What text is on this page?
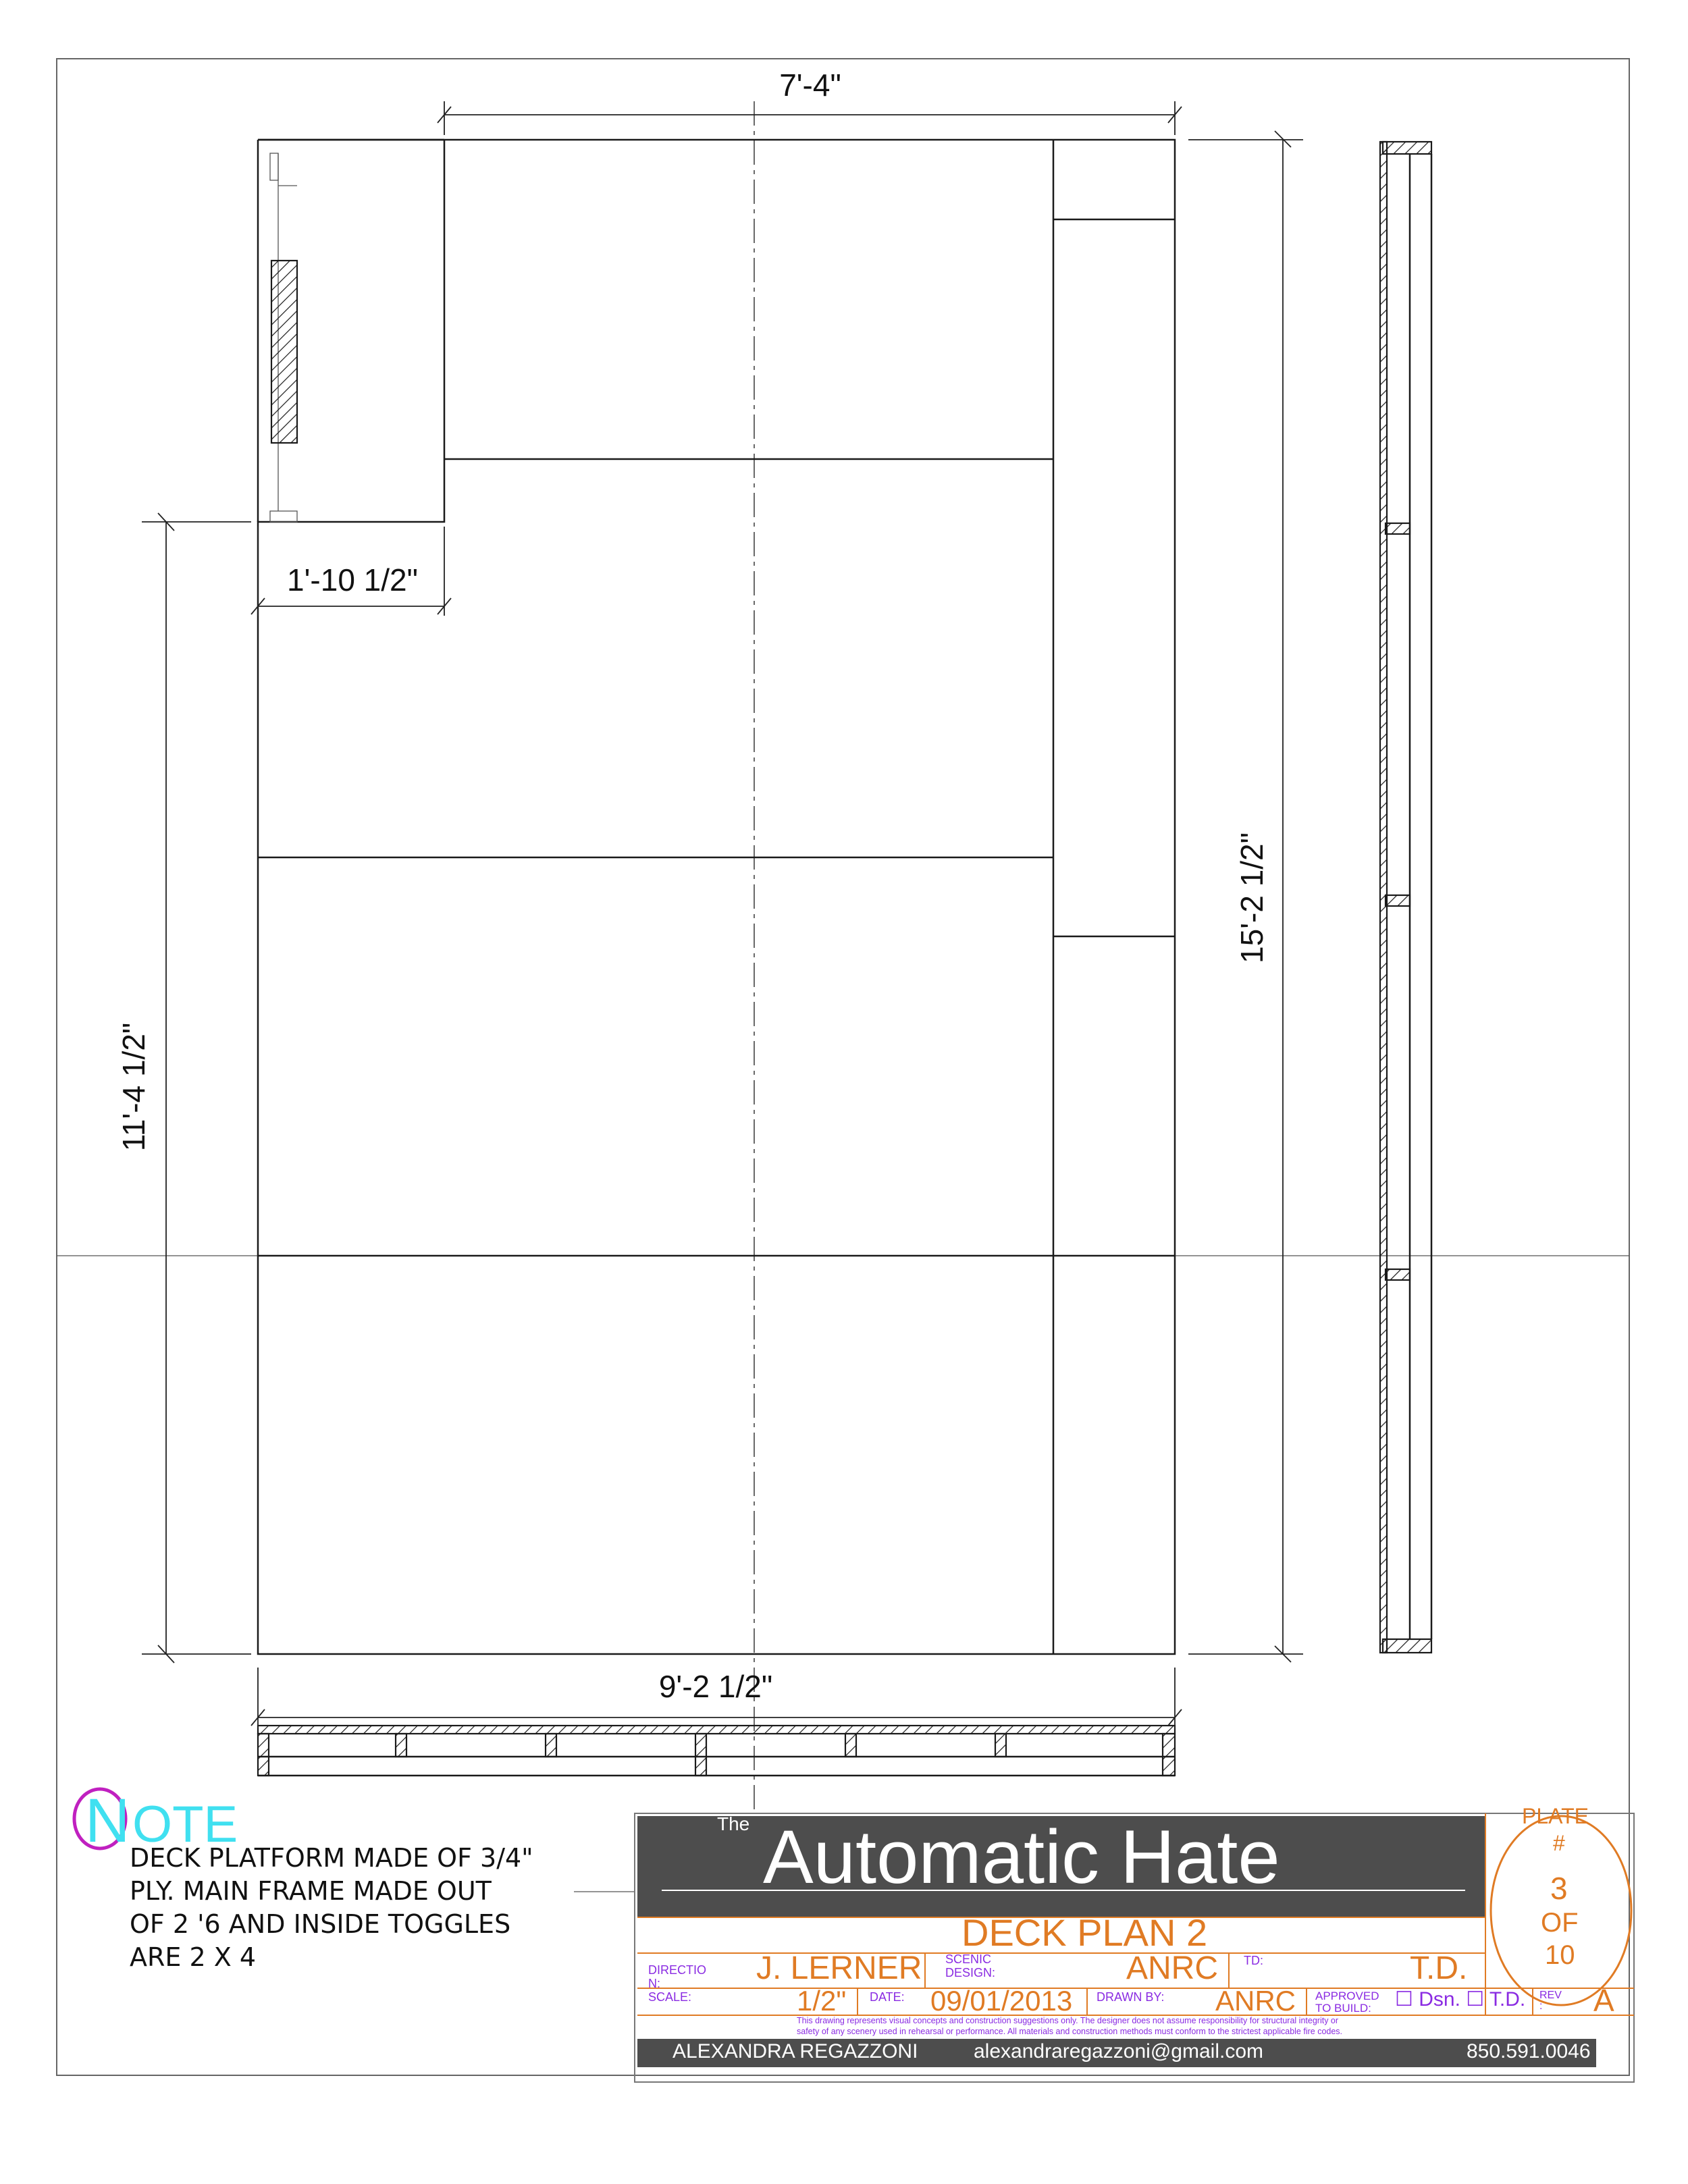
7'-4"
15'-2 1/2"
1'-10 1/2"
11'-4 1/2"
9'-2 1/2"
N OTE
DECK PLATFORM MADE OF 3/4"
PLY. MAIN FRAME MADE OUT
OF 2 '6 AND INSIDE TOGGLES
ARE 2 X 4
The Automatic Hate	PLATE
#
3
OF
10
DECK PLAN 2
DIRECTIO N:	J. LERNER SCENIC DESIGN:	ANRC TD:	T.D.
SCALE:	1/2" DATE: 09/01/2013 DRAWN BY: ANRC APPROVED TO BUILD:	☐ Dsn. ☐ T.D. REV :	A
This drawing represents visual concepts and construction suggestions only. The designer does not assume responsibility for structural integrity or
safety of any scenery used in rehearsal or performance. All materials and construction methods must conform to the strictest applicable fire codes.
ALEXANDRA REGAZZONI	alexandraregazzoni@gmail.com	850.591.0046
